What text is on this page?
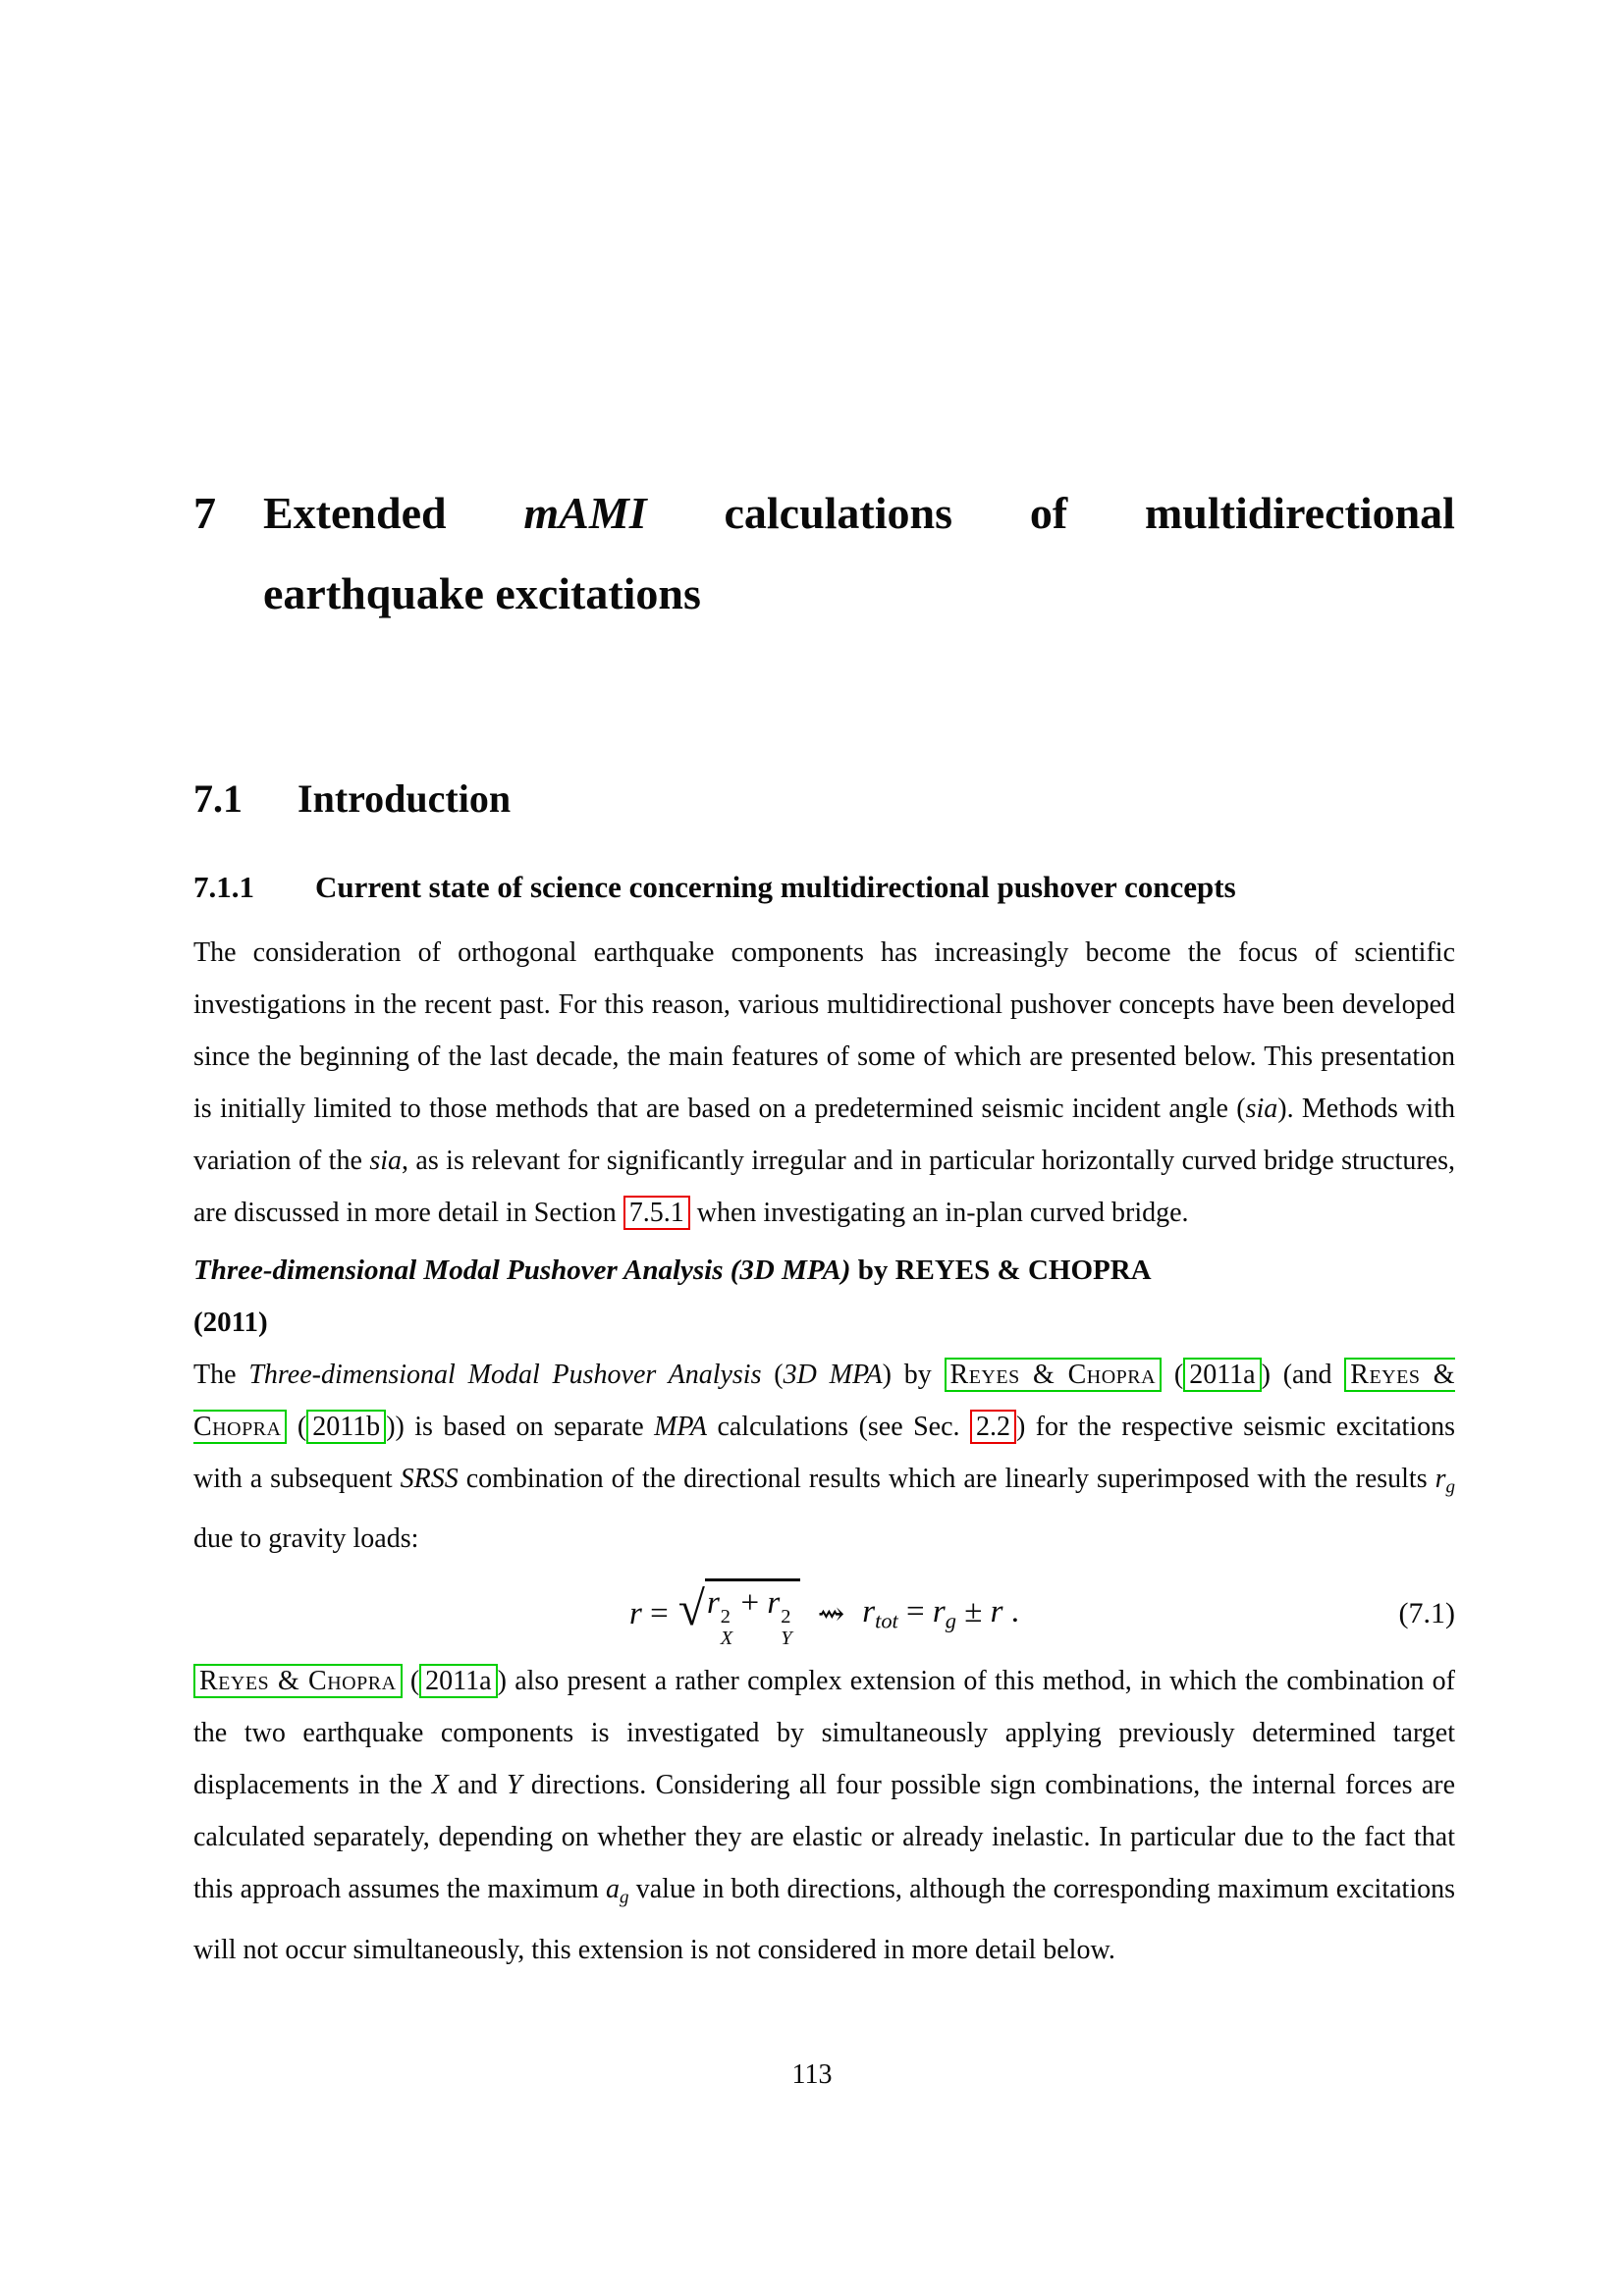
7	Extended mAMI calculations of multidirectional
earthquake excitations
7.1 Introduction
7.1.1 Current state of science concerning multidirectional pushover concepts

The consideration of orthogonal earthquake components has increasingly become the focus of scientific investigations in the recent past. For this reason, various multidirectional pushover concepts have been developed since the beginning of the last decade, the main features of some of which are presented below. This presentation is initially limited to those methods that are based on a predetermined seismic incident angle (sia). Methods with variation of the sia, as is relevant for significantly irregular and in particular horizontally curved bridge structures, are discussed in more detail in Section 7.5.1 when investigating an in-plan curved bridge.

Three-dimensional Modal Pushover Analysis (3D MPA) by REYES & CHOPRA
(2011)

The Three-dimensional Modal Pushover Analysis (3D MPA) by Reyes & Chopra ( 2011a ) (and Reyes & Chopra ( 2011b )) is based on separate MPA calculations (see Sec. 2.2 ) for the respective seismic excitations with a subsequent SRSS combination of the directional results which are linearly superimposed with the results rg due to gravity loads:

r = √ r 2
X
+ r 2
Y
⇝ rtot = rg ± r .	(7.1)

Reyes & Chopra ( 2011a ) also present a rather complex extension of this method, in which the combination of the two earthquake components is investigated by simultaneously applying previously determined target displacements in the X and Y directions. Considering all four possible sign combinations, the internal forces are calculated separately, depending on whether they are elastic or already inelastic. In particular due to the fact that this approach assumes the maximum ag value in both directions, although the corresponding maximum excitations will not occur simultaneously, this extension is not considered in more detail below.

113
